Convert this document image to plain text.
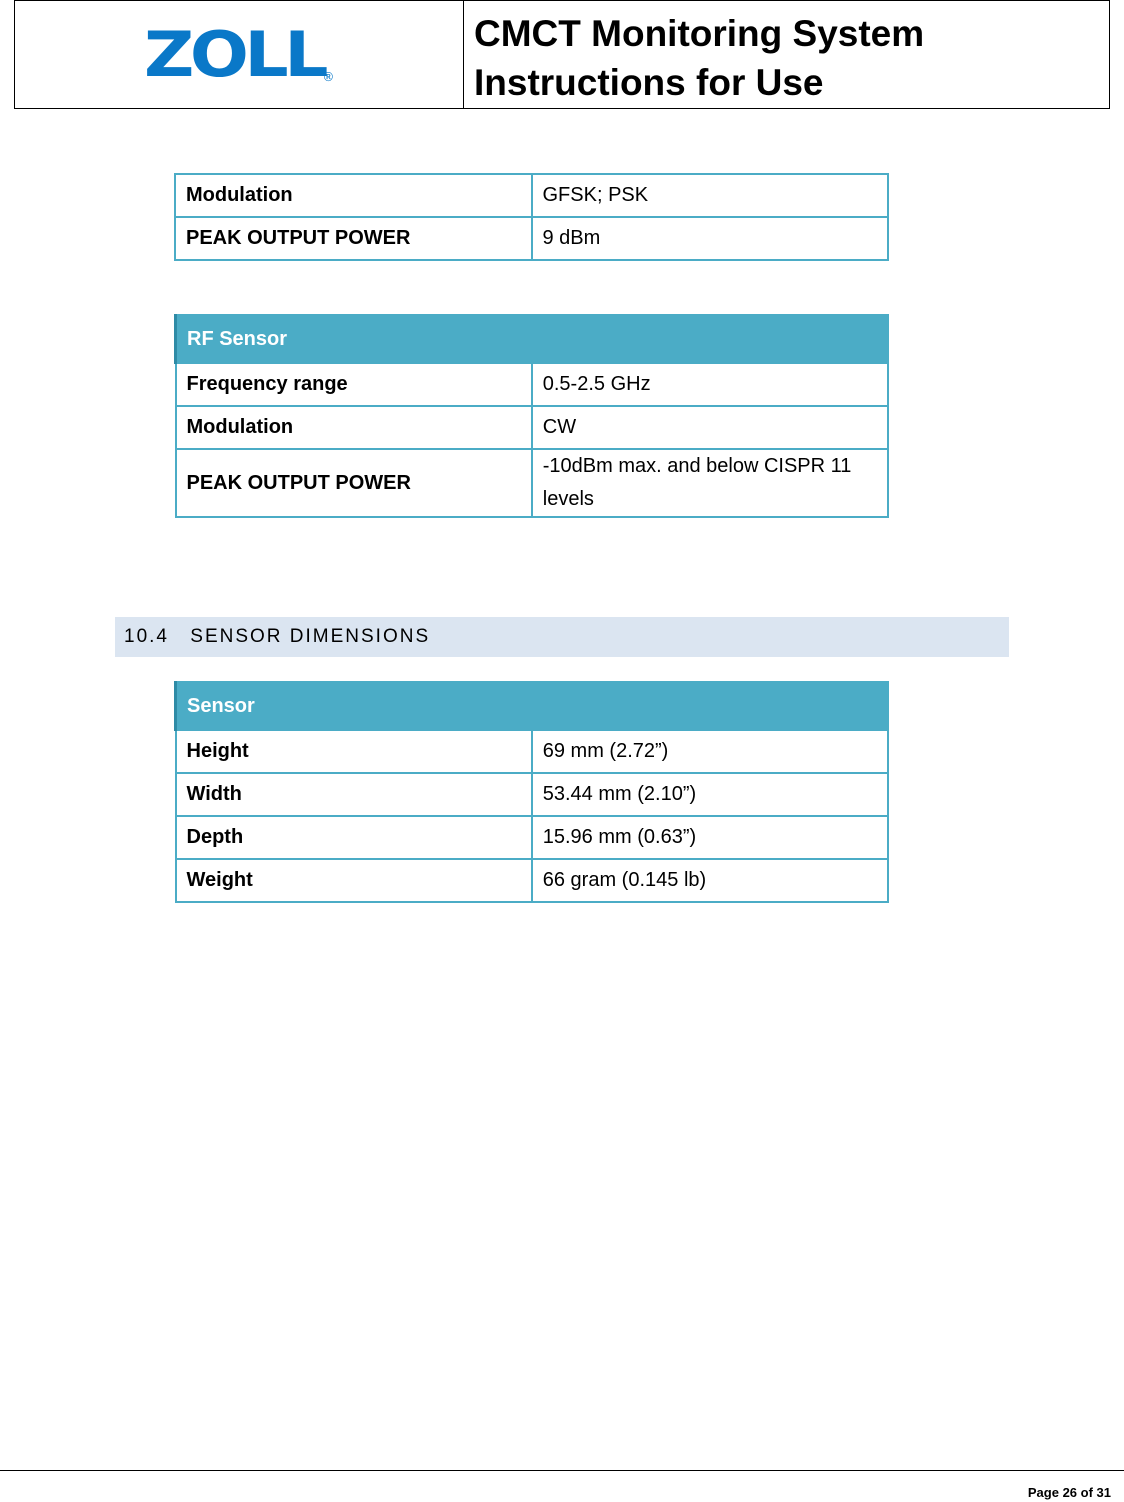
ZOLL
®
CMCT Monitoring System
Instructions for Use
Modulation	GFSK; PSK
PEAK OUTPUT POWER	9 dBm
RF Sensor	
Frequency range	0.5-2.5 GHz
Modulation	CW
PEAK OUTPUT POWER	-10dBm max. and below CISPR 11 levels
10.4 SENSOR DIMENSIONS
Sensor	
Height	69 mm (2.72”)
Width	53.44 mm (2.10”)
Depth	15.96 mm (0.63”)
Weight	66 gram (0.145 lb)
Page 26 of 31
